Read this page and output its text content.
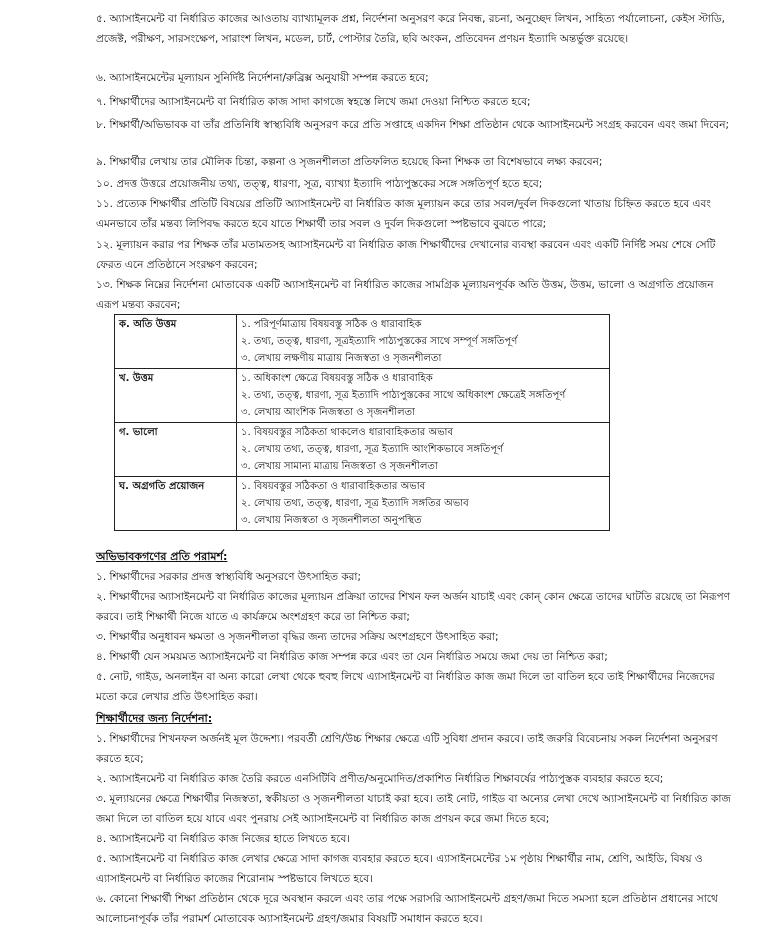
৫. অ্যাসাইনমেন্ট বা নির্ধারিত কাজের আওতায় ব্যাখ্যামূলক প্রশ্ন, নির্দেশনা অনুসরণ করে নিবন্ধ, রচনা, অনুচ্ছেদ লিখন, সাহিত্য পর্যালোচনা, কেইস স্টাডি, প্রজেক্ট, পরীক্ষণ, সারসংক্ষেপ, সারাংশ লিখন, মডেল, চার্ট, পোস্টার তৈরি, ছবি অংকন, প্রতিবেদন প্রণয়ন ইত্যাদি অন্তর্ভুক্ত রয়েছে।

৬. অ্যাসাইনমেন্টের মূল্যায়ন সুনির্দিষ্ট নির্দেশনা/রুব্রিক্স অনুযায়ী সম্পন্ন করতে হবে;

৭. শিক্ষার্থীদের অ্যাসাইনমেন্ট বা নির্ধারিত কাজ সাদা কাগজে স্বহস্তে লিখে জমা দেওয়া নিশ্চিত করতে হবে;

৮. শিক্ষার্থী/অভিভাবক বা তাঁর প্রতিনিধি স্বাস্থ্যবিধি অনুসরণ করে প্রতি সপ্তাহে একদিন শিক্ষা প্রতিষ্ঠান থেকে অ্যাসাইনমেন্ট সংগ্রহ করবেন এবং জমা দিবেন;

৯. শিক্ষার্থীর লেখায় তার মৌলিক চিন্তা, কল্পনা ও সৃজনশীলতা প্রতিফলিত হয়েছে কিনা শিক্ষক তা বিশেষভাবে লক্ষ্য করবেন;

১০. প্রদত্ত উত্তরে প্রয়োজনীয় তথ্য, তত্ত্ব, ধারণা, সূত্র, ব্যাখ্যা ইত্যাদি পাঠ্যপুস্তকের সঙ্গে সঙ্গতিপূর্ণ হতে হবে;

১১. প্রত্যেক শিক্ষার্থীর প্রতিটি বিষয়ের প্রতিটি অ্যাসাইনমেন্ট বা নির্ধারিত কাজ মূল্যায়ন করে তার সবল/দুর্বল দিকগুলো খাতায় চিহ্নিত করতে হবে এবং এমনভাবে তাঁর মন্তব্য লিপিবদ্ধ করতে হবে যাতে শিক্ষার্থী তার সবল ও দুর্বল দিকগুলো স্পষ্টভাবে বুঝতে পারে;

১২. মূল্যায়ন করার পর শিক্ষক তাঁর মতামতসহ অ্যাসাইনমেন্ট বা নির্ধারিত কাজ শিক্ষার্থীদের দেখানোর ব্যবস্থা করবেন এবং একটি নির্দিষ্ট সময় শেষে সেটি ফেরত এনে প্রতিষ্ঠানে সংরক্ষণ করবেন;

১৩. শিক্ষক নিম্নের নির্দেশনা মোতাবেক একটি অ্যাসাইনমেন্ট বা নির্ধারিত কাজের সামগ্রিক মূল্যায়নপূর্বক অতি উত্তম, উত্তম, ভালো ও অগ্রগতি প্রয়োজন এরূপ মন্তব্য করবেন;

ক. অতি উত্তম	১. পরিপূর্ণমাত্রায় বিষয়বস্তু সঠিক ও ধারাবাহিক
২. তথ্য, তত্ত্ব, ধারণা, সূত্রইত্যাদি পাঠ্যপুস্তকের সাথে সম্পূর্ণ সঙ্গতিপূর্ণ
৩. লেখায় লক্ষণীয় মাত্রায় নিজস্বতা ও সৃজনশীলতা

খ. উত্তম	১. অধিকাংশ ক্ষেত্রে বিষয়বস্তু সঠিক ও ধারাবাহিক
২. তথ্য, তত্ত্ব, ধারণা, সূত্র ইত্যাদি পাঠ্যপুস্তকের সাথে অধিকাংশ ক্ষেত্রেই সঙ্গতিপূর্ণ
৩. লেখায় আংশিক নিজস্বতা ও সৃজনশীলতা

গ. ভালো	১. বিষয়বস্তুর সঠিকতা থাকলেও ধারাবাহিকতার অভাব
২. লেখায় তথ্য, তত্ত্ব, ধারণা, সূত্র ইত্যাদি আংশিকভাবে সঙ্গতিপূর্ণ
৩. লেখায় সামান্য মাত্রায় নিজস্বতা ও সৃজনশীলতা

ঘ. অগ্রগতি প্রয়োজন	১. বিষয়বস্তুর সঠিকতা ও ধারাবাহিকতার অভাব
২. লেখায় তথ্য, তত্ত্ব, ধারণা, সূত্র ইত্যাদি সঙ্গতির অভাব
৩. লেখায় নিজস্বতা ও সৃজনশীলতা অনুপস্থিত

অভিভাবকগণের প্রতি পরামর্শ:

১. শিক্ষার্থীদের সরকার প্রদত্ত স্বাস্থ্যবিধি অনুসরণে উৎসাহিত করা;

২. শিক্ষার্থীদের অ্যাসাইনমেন্ট বা নির্ধারিত কাজের মূল্যায়ন প্রক্রিয়া তাদের শিখন ফল অর্জন যাচাই এবং কোন্‌ কোন ক্ষেত্রে তাদের ঘাটতি রয়েছে তা নিরূপণ করবে। তাই শিক্ষার্থী নিজে যাতে এ কার্যক্রমে অংশগ্রহণ করে তা নিশ্চিত করা;

৩. শিক্ষার্থীর অনুধাবন ক্ষমতা ও সৃজনশীলতা বৃদ্ধির জন্য তাদের সক্রিয় অংশগ্রহণে উৎসাহিত করা;

৪. শিক্ষার্থী যেন সময়মত অ্যাসাইনমেন্ট বা নির্ধারিত কাজ সম্পন্ন করে এবং তা যেন নির্ধারিত সময়ে জমা দেয় তা নিশ্চিত করা;

৫. নোট, গাইড, অনলাইন বা অন্য কারো লেখা থেকে হুবহু লিখে এ্যাসাইনমেন্ট বা নির্ধারিত কাজ জমা দিলে তা বাতিল হবে তাই শিক্ষার্থীদের নিজেদের মতো করে লেখার প্রতি উৎসাহিত করা।

শিক্ষার্থীদের জন্য নির্দেশনা:

১. শিক্ষার্থীদের শিখনফল অর্জনই মূল উদ্দেশ্য। পরবর্তী শ্রেণি/উচ্চ শিক্ষার ক্ষেত্রে এটি সুবিধা প্রদান করবে। তাই জরুরি বিবেচনায় সকল নির্দেশনা অনুসরণ করতে হবে;

২. অ্যাসাইনমেন্ট বা নির্ধারিত কাজ তৈরি করতে এনসিটিবি প্রণীত/অনুমোদিত/প্রকাশিত নির্ধারিত শিক্ষাবর্ষের পাঠ্যপুস্তক ব্যবহার করতে হবে;

৩. মূল্যায়নের ক্ষেত্রে শিক্ষার্থীর নিজস্বতা, স্বকীয়তা ও সৃজনশীলতা যাচাই করা হবে। তাই নোট, গাইড বা অন্যের লেখা দেখে অ্যাসাইনমেন্ট বা নির্ধারিত কাজ জমা দিলে তা বাতিল হয়ে যাবে এবং পুনরায় সেই অ্যাসাইনমেন্ট বা নির্ধারিত কাজ প্রণয়ন করে জমা দিতে হবে;

৪. অ্যাসাইনমেন্ট বা নির্ধারিত কাজ নিজের হাতে লিখতে হবে।

৫. অ্যাসাইনমেন্ট বা নির্ধারিত কাজ লেখার ক্ষেত্রে সাদা কাগজ ব্যবহার করতে হবে। এ্যাসাইনমেন্টের ১ম পৃষ্ঠায় শিক্ষার্থীর নাম, শ্রেণি, আইডি, বিষয় ও এ্যাসাইনমেন্ট বা নির্ধারিত কাজের শিরোনাম স্পষ্টভাবে লিখতে হবে।

৬. কোনো শিক্ষার্থী শিক্ষা প্রতিষ্ঠান থেকে দূরে অবস্থান করলে এবং তার পক্ষে সরাসরি অ্যাসাইনমেন্ট গ্রহণ/জমা দিতে সমস্যা হলে প্রতিষ্ঠান প্রধানের সাথে আলোচনাপূর্বক তাঁর পরামর্শ মোতাবেক অ্যাসাইনমেন্ট গ্রহণ/জমার বিষয়টি সমাধান করতে হবে।
